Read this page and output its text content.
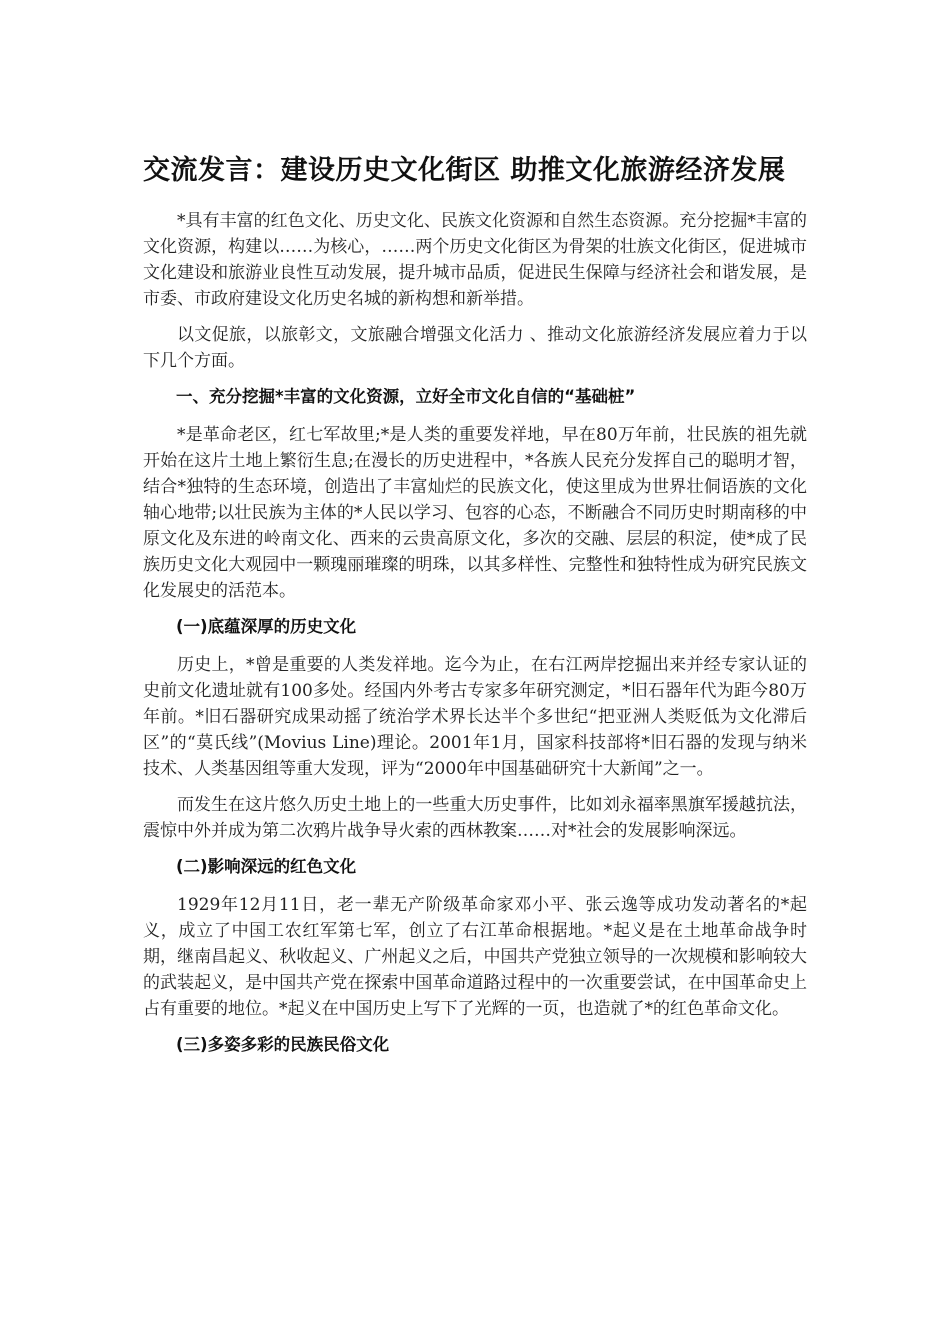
交流发言：建设历史文化街区 助推文化旅游经济发展

*具有丰富的红色文化、历史文化、民族文化资源和自然生态资源。充分挖掘*丰富的文化资源，构建以……为核心，……两个历史文化街区为骨架的壮族文化街区，促进城市文化建设和旅游业良性互动发展，提升城市品质，促进民生保障与经济社会和谐发展，是市委、市政府建设文化历史名城的新构想和新举措。

以文促旅，以旅彰文，文旅融合增强文化活力 、推动文化旅游经济发展应着力于以下几个方面。

一、充分挖掘*丰富的文化资源，立好全市文化自信的“基础桩”

*是革命老区，红七军故里;*是人类的重要发祥地，早在80万年前，壮民族的祖先就开始在这片土地上繁衍生息;在漫长的历史进程中，*各族人民充分发挥自己的聪明才智，结合*独特的生态环境，创造出了丰富灿烂的民族文化，使这里成为世界壮侗语族的文化轴心地带;以壮民族为主体的*人民以学习、包容的心态，不断融合不同历史时期南移的中原文化及东进的岭南文化、西来的云贵高原文化，多次的交融、层层的积淀，使*成了民族历史文化大观园中一颗瑰丽璀璨的明珠，以其多样性、完整性和独特性成为研究民族文化发展史的活范本。

(一)底蕴深厚的历史文化

历史上，*曾是重要的人类发祥地。迄今为止，在右江两岸挖掘出来并经专家认证的史前文化遗址就有100多处。经国内外考古专家多年研究测定，*旧石器年代为距今80万年前。*旧石器研究成果动摇了统治学术界长达半个多世纪“把亚洲人类贬低为文化滞后区”的“莫氏线”(Movius Line)理论。2001年1月，国家科技部将*旧石器的发现与纳米技术、人类基因组等重大发现，评为“2000年中国基础研究十大新闻”之一。

而发生在这片悠久历史土地上的一些重大历史事件，比如刘永福率黑旗军援越抗法，震惊中外并成为第二次鸦片战争导火索的西林教案……对*社会的发展影响深远。

(二)影响深远的红色文化

1929年12月11日，老一辈无产阶级革命家邓小平、张云逸等成功发动著名的*起义，成立了中国工农红军第七军，创立了右江革命根据地。*起义是在土地革命战争时期，继南昌起义、秋收起义、广州起义之后，中国共产党独立领导的一次规模和影响较大的武装起义，是中国共产党在探索中国革命道路过程中的一次重要尝试，在中国革命史上占有重要的地位。*起义在中国历史上写下了光辉的一页，也造就了*的红色革命文化。

(三)多姿多彩的民族民俗文化
